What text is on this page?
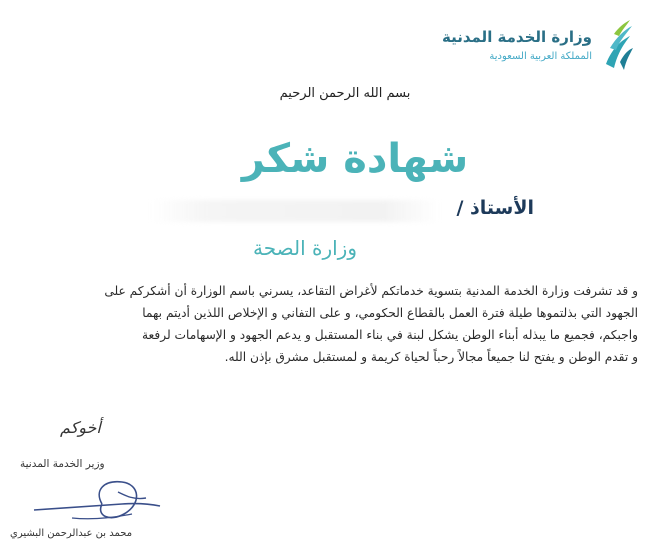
وزارة الخدمة المدنية
المملكة العربية السعودية
بسم الله الرحمن الرحيم
شهادة شكر
الأستاذ /
وزارة الصحة
و قد تشرفت وزارة الخدمة المدنية بتسوية خدماتكم لأغراض التقاعد، يسرني باسم الوزارة أن أشكركم على
الجهود التي بذلتموها طيلة فترة العمل بالقطاع الحكومي، و على التفاني و الإخلاص اللذين أديتم بهما
واجبكم، فجميع ما يبذله أبناء الوطن يشكل لبنة في بناء المستقبل و يدعم الجهود و الإسهامات لرفعة
و تقدم الوطن و يفتح لنا جميعاً مجالاً رحباً لحياة كريمة و لمستقبل مشرق بإذن الله.
أخوكم
وزير الخدمة المدنية
محمد بن عبدالرحمن البشيري
